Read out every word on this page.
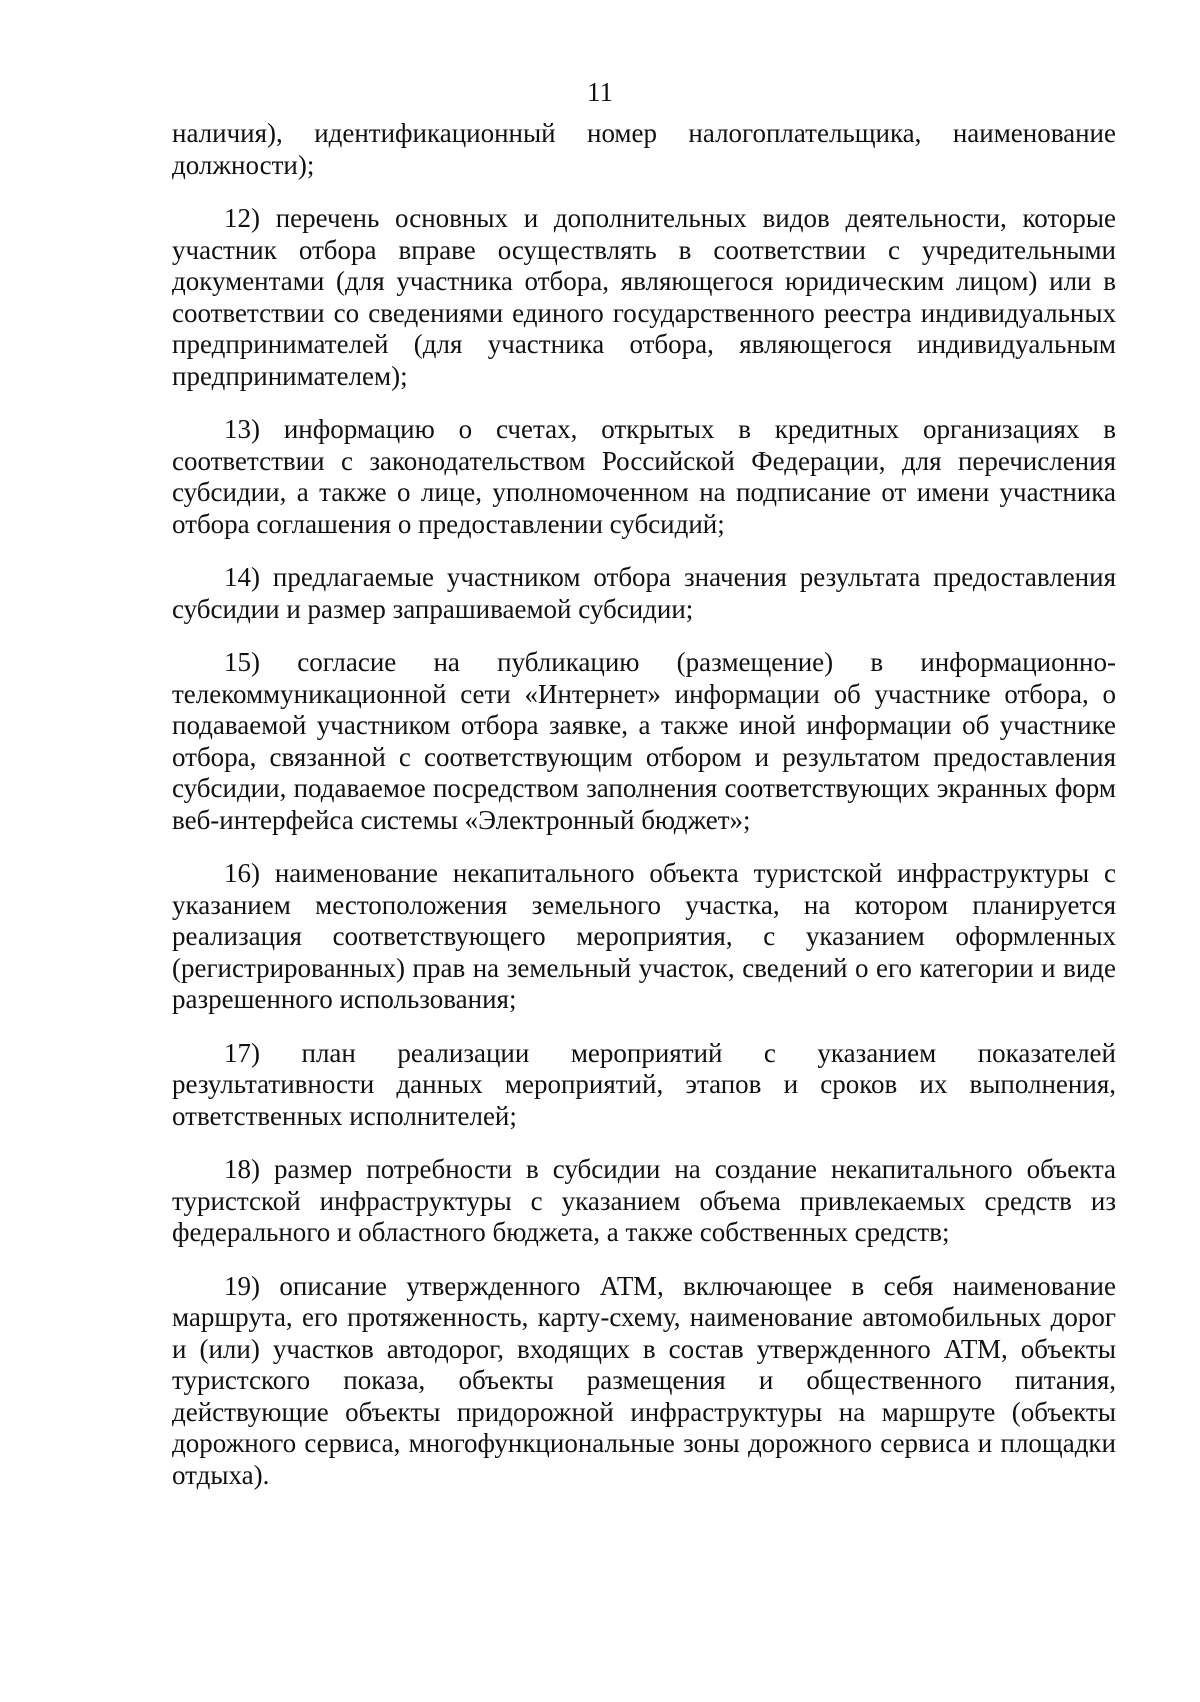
11

наличия), идентификационный номер налогоплательщика, наименование должности);

12) перечень основных и дополнительных видов деятельности, которые участник отбора вправе осуществлять в соответствии с учредительными документами (для участника отбора, являющегося юридическим лицом) или в соответствии со сведениями единого государственного реестра индивидуальных предпринимателей (для участника отбора, являющегося индивидуальным предпринимателем);

13) информацию о счетах, открытых в кредитных организациях в соответствии с законодательством Российской Федерации, для перечисления субсидии, а также о лице, уполномоченном на подписание от имени участника отбора соглашения о предоставлении субсидий;

14) предлагаемые участником отбора значения результата предоставления субсидии и размер запрашиваемой субсидии;

15) согласие на публикацию (размещение) в информационно-телекоммуникационной сети «Интернет» информации об участнике отбора, о подаваемой участником отбора заявке, а также иной информации об участнике отбора, связанной с соответствующим отбором и результатом предоставления субсидии, подаваемое посредством заполнения соответствующих экранных форм веб-интерфейса системы «Электронный бюджет»;

16) наименование некапитального объекта туристской инфраструктуры с указанием местоположения земельного участка, на котором планируется реализация соответствующего мероприятия, с указанием оформленных (регистрированных) прав на земельный участок, сведений о его категории и виде разрешенного использования;

17) план реализации мероприятий с указанием показателей результативности данных мероприятий, этапов и сроков их выполнения, ответственных исполнителей;

18) размер потребности в субсидии на создание некапитального объекта туристской инфраструктуры с указанием объема привлекаемых средств из федерального и областного бюджета, а также собственных средств;

19) описание утвержденного АТМ, включающее в себя наименование маршрута, его протяженность, карту-схему, наименование автомобильных дорог и (или) участков автодорог, входящих в состав утвержденного АТМ, объекты туристского показа, объекты размещения и общественного питания, действующие объекты придорожной инфраструктуры на маршруте (объекты дорожного сервиса, многофункциональные зоны дорожного сервиса и площадки отдыха).
